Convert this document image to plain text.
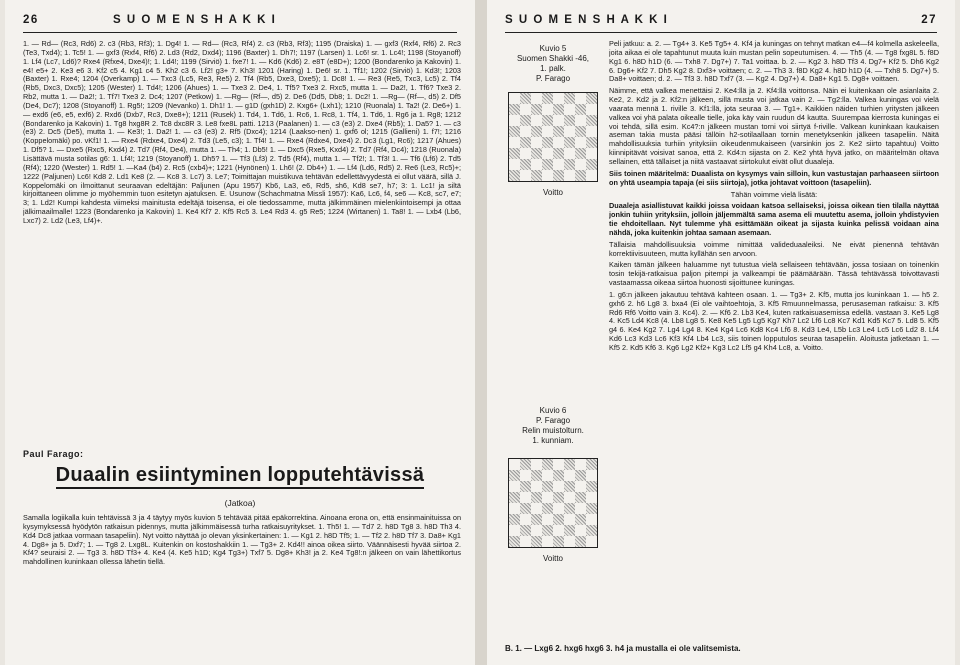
26	S U O M E N S H A K K I

1. — Rd— (Rc3, Rd6) 2. c3 (Rb3, Rf3); 1. Dg4! 1. — Rd— (Rc3, Rf4) 2. c3 (Rb3, Rf3); 1195 (Draiska) 1. — gxf3 (Rxf4, Rf6) 2. Rc3 (Te3, Txd4); 1. Tc5! 1. — gxf3 (Rxf4, Rf6) 2. Ld3 (Rd2, Dxd4); 1196 (Baxter) 1. Dh7!; 1197 (Larsen) 1. Lc6! sr. 1. Lc4!; 1198 (Stoyanoff) 1. Lf4 (Lc7, Ld6)? Rxe4 (Rfxe4, Dxe4)!; 1. Ld4!; 1199 (Sirviö) 1. fxe7! 1. — Kd6 (Kd6) 2. e8T (e8D+); 1200 (Bondarenko ja Kakovin) 1. e4! e5+ 2. Ke3 e6 3. Kf2 c5 4. Kg1 c4 5. Kh2 c3 6. Lf2! g3+ 7. Kh3! 1201 (Haring) 1. De6! sr. 1. Tf1!; 1202 (Sirviö) 1. Kd3!; 1203 (Baxter) 1. Rxe4; 1204 (Overkamp) 1. — Txc3 (Lc5, Re3, Re5) 2. Tf4 (Rb5, Dxe3, Dxe5); 1. Dc8! 1. — Re3 (Re5, Txc3, Lc5) 2. Tf4 (Rb5, Dxc3, Dxc5); 1205 (Wester) 1. Td4!; 1206 (Ahues) 1. — Txe3 2. De4, 1. Tf5? Txe3 2. Rxc5, mutta 1. — Da2!, 1. Tf6? Txe3 2. Rb2, mutta 1. — Da2!; 1. Tf7! Txe3 2. Dc4; 1207 (Petkow) 1. —Rg— (Rf—, d5) 2. De6 (Dd5, Db8; 1. Dc2! 1. —Rg— (Rf—, d5) 2. Df5 (De4, Dc7); 1208 (Stoyanoff) 1. Rg5!; 1209 (Nevanko) 1. Dh1! 1. — g1D (gxh1D) 2. Kxg6+ (Lxh1); 1210 (Ruonala) 1. Ta2! (2. De6+) 1. — exd6 (e6, e5, exf6) 2. Rxd6 (Dxb7, Rc3, Dxe8+); 1211 (Rusek) 1. Td4, 1. Td6, 1. Rc6, 1. Rc8, 1. Tf4, 1. Td6, 1. Rg6 ja 1. Rg8; 1212 (Bondarenko ja Kakovin) 1. Tg8 hxg8R 2. Tc8 dxc8R 3. Le8 fxe8L patti. 1213 (Paalanen) 1. — c3 (e3) 2. Dxe4 (Rb5); 1. Da5? 1. — c3 (e3) 2. Dc5 (De5), mutta 1. — Ke3!; 1. Da2! 1. — c3 (e3) 2. Rf5 (Dxc4); 1214 (Laakso-nen) 1. gxf6 ol; 1215 (Gallieni) 1. f7!; 1216 (Koppelomäki) po. vKf1! 1. — Rxe4 (Rdxe4, Dxe4) 2. Td3 (Le5, c3); 1. Tf4! 1. — Rxe4 (Rdxe4, Dxe4) 2. Dc3 (Lg1, Rc6); 1217 (Ahues) 1. Df5? 1. — Dxe5 (Rxc5, Kxd4) 2. Td7 (Rf4, De4), mutta 1. — Th4; 1. Db5! 1. — Dxc5 (Rxe5, Kxd4) 2. Td7 (Rf4, Dc4); 1218 (Ruonala) Lisättävä musta sotilas g6: 1. Lf4!; 1219 (Stoyanoff) 1. Dh5? 1. — Tf3 (Lf3) 2. Td5 (Rf4), mutta 1. — Tf2!; 1. Tf3! 1. — Tf6 (Lf6) 2. Td5 (Rf4); 1220 (Wester) 1. Rd5! 1. —Ka4 (b4) 2. Rc5 (cxb4)+; 1221 (Hynönen) 1. Lh6! (2. Db4+) 1. — Lf4 (Ld6, Rd5) 2. Re6 (Le3, Rc5)+; 1222 (Paljunen) Lc6! Kd8 2. Ld1 Ke8 (2. — Kc8 3. Lc7) 3. Le7; Toimittajan muistikuva tehtävän edellettävyydestä ei ollut väärä, sillä J. Koppelomäki on ilmoittanut seuraavan edeltäjän: Paljunen (Apu 1957) Kb6, La3, e6, Rd5, sh6, Kd8 se7, h7; 3: 1. Lc1! ja siltä kirjoittaneen olimme jo myöhemmin tuon esitetyn ajatuksen. E. Usunow (Schachmatna Missli 1957): Ka6, Lc6, f4, se6 — Kc8, sc7, e7; 3; 1. Ld2! Kumpi kahdesta viimeksi mainitusta edeltäjä toisensa, ei ole tiedossamme, mutta jälkimmäinen mielenkiintoisempi ja ottaa jälkimaailmalle! 1223 (Bondarenko ja Kakovin) 1. Ke4 Kf7 2. Kf5 Rc5 3. Le4 Rd3 4. g5 Re5; 1224 (Wirtanen) 1. Ta8! 1. — Lxb4 (Lb6, Lxc7) 2. Ld2 (Le3, Lf4)+.

Paul Farago:
Duaalin esiintyminen lopputehtävissä
(Jatkoa)

Samalla logiikalla kuin tehtävissä 3 ja 4 täytyy myös kuvion 5 tehtävää pitää epäkorrektina. Ainoana erona on, että ensinmainituissa on kysymyksessä hyödytön ratkaisun pidennys, mutta jälkimmäisessä turha ratkaisuyritykset. 1. Th5! 1. — Td7 2. h8D Tg8 3. h8D Th3 4. Kd4 Dc8 jatkaa vormaan tasapeliin). Nyt voitto näyttää jo olevan yksinkertainen: 1. — Kg1 2. h8D Tf5; 1. — Tf2 2. h8D Tf7 3. Da8+ Kg1 4. Dg8+ ja 5. Dxf7; 1. — Tg8 2. Lxg8L. Kuitenkin on kostoshakkiin 1. — Tg3+ 2. Kd4!! ainoa oikea siirto. Väännäisesti hyvää siirtoa 2. Kf4? seuraisi 2. — Tg3 3. h8D Tf3+ 4. Ke4 (4. Ke5 h1D; Kg4 Tg3+) Txf7 5. Dg8+ Kh3! ja 2. Ke4 Tg8!:n jälkeen on vain lähettikortus mahdollinen kuninkaan ollessa lähetin tiellä.

S U O M E N S H A K K I	27
Kuvio 5
Suomen Shakki -46,
1. palk.
P. Farago
Voitto
Kuvio 6
P. Farago
Relin muistolturn.
1. kunniam.
Voitto

Peli jatkuu: a. 2. — Tg4+ 3. Ke5 Tg5+ 4. Kf4 ja kuningas on tehnyt matkan e4—f4 kolmella askeleella, joita aikaa ei ole tapahtunut muuta kuin mustan pelin sopeutumisen. 4. — Th5 (4. — Tg8 fxg8L 5. f8D Kg1 6. h8D h1D (6. — Txh8 7. Dg7+) 7. Ta1 voittaa. b. 2. — Kg2 3. h8D Tf3 4. Dg7+ Kf2 5. Dh6 Kg2 6. Dg6+ Kf2 7. Dh5 Kg2 8. Dxf3+ voittaen; c. 2. — Th3 3. f8D Kg2 4. h8D h1D (4. — Txh8 5. Dg7+) 5. Da8+ voittaen; d. 2. — Tf3 3. h8D Txf7 (3. — Kg2 4. Dg7+) 4. Da8+ Kg1 5. Dg8+ voittaen.

Näimme, että valkea menettäisi 2. Ke4:llä ja 2. Kf4:llä voittonsa. Näin ei kuitenkaan ole asianlaita 2. Ke2, 2. Kd2 ja 2. Kf2:n jälkeen, sillä musta voi jatkaa vain 2. — Tg2:lla. Valkea kuningas voi vielä vaarata mennä 1. riville 3. Kf1:llä, jota seuraa 3. — Tg1+. Kaikkien näiden turhien yritysten jälkeen valkea voi yhä palata oikealle tielle, joka käy vain ruudun d4 kautta. Suurempaa kierrosta kuningas ei voi tehdä, sillä esim. Kc4?:n jälkeen mustan torni voi siirtyä f-riville. Valkean kuninkaan kaukaisen aseman takia musta pääsi tällöin h2-sotilaallaan tornin menetyksenkin jälkeen tasapeliin. Näitä mahdollisuuksia turhiin yrityksiin oikeudenmukaiseen (varsinkin jos 2. Ke2 siirto tapahtuu) Voitto kiinnipitävät voisivat sanoa, että 2. Kd4:n sijasta on 2. Ke2 yhtä hyvä jatko, on määritelmän oltava sellainen, että tällaiset ja niitä vastaavat siirtokulut eivät ollut duaaleja.

Siis toinen määritelmä: Duaalista on kysymys vain silloin, kun vastustajan parhaaseen siirtoon on yhtä useampia tapaja (ei siis siirtoja), jotka johtavat voittoon (tasapeliin).

Tähän voimme vielä lisätä:

Duaaleja asiallistuvat kaikki joissa voidaan katsoa sellaiseksi, joissa oikean tien tilalla näyttää jonkin tuhiin yrityksiin, jolloin jäljemmältä sama asema eli muutettu asema, jolloin yhdistyvien tie ehdoitellaan. Nyt tulemme yhä esittämään oikeat ja sijasta kuinka pelissä voidaan aina nähdä, joka kuitenkin johtaa samaan asemaan.

Tällaisia mahdollisuuksia voimme nimittää valideduaaleiksi. Ne eivät pienennä tehtävän korrektiivisuuteen, mutta kyllähän sen arvoon.

Kaiken tämän jälkeen haluamme nyt tutustua vielä sellaiseen tehtävään, jossa tosiaan on toinenkin tosin tekijä-ratkaisua paljon pitempi ja valkeampi tie päämäärään. Tässä tehtävässä toivottavasti vastaamassa oikeaa siirtoa huonosti sijoittunee kuningas.

1. g6:n jälkeen jakautuu tehtävä kahteen osaan. 1. — Tg3+ 2. Kf5, mutta jos kuninkaan 1. — h5 2. gxh6 2. h6 Lg8 3. bxa4 (Ei ole vaihtoehtoja, 3. Kf5 Rmuunnelmassa, perusaseman ratkaisu: 3. Kf5 Rd6 Rf6 Voitto vain 3. Kc4). 2. — Kf6 2. Lb3 Ke4, kuten ratkaisuasemissa edellä. vastaan 3. Ke5 Lg8 4. Kc5 Ld4 Kc8 (4. Lb8 Lg8 5. Ke8 Ke5 Lg5 Lg5 Kg7 Kh7 Lc2 Lf6 Lc8 Kc7 Kd1 Kd5 Kc7 5. Ld8 5. Kf5 g4 6. Ke4 Kg2 7. Lg4 Lg4 8. Ke4 Kg4 Lc6 Kd8 Kc4 Lf6 8. Kd3 Le4, L5b Lc3 Le4 Lc5 Lc6 Ld2 8. Lf4 Kd6 Lc3 Kd3 Lc6 Kf3 Kf4 Lb4 Lc3, siis toinen lopputulos seuraa tasapeliin. Aloitusta jatketaan 1. — Kf5 2. Kd5 Kf6 3. Kg6 Lg2 Kf2+ Kg3 Lc2 Lf5 g4 Kh4 Lc8, a. Voitto.

B. 1. — Lxg6 2. hxg6 hxg6 3. h4 ja mustalla ei ole valitsemista.
